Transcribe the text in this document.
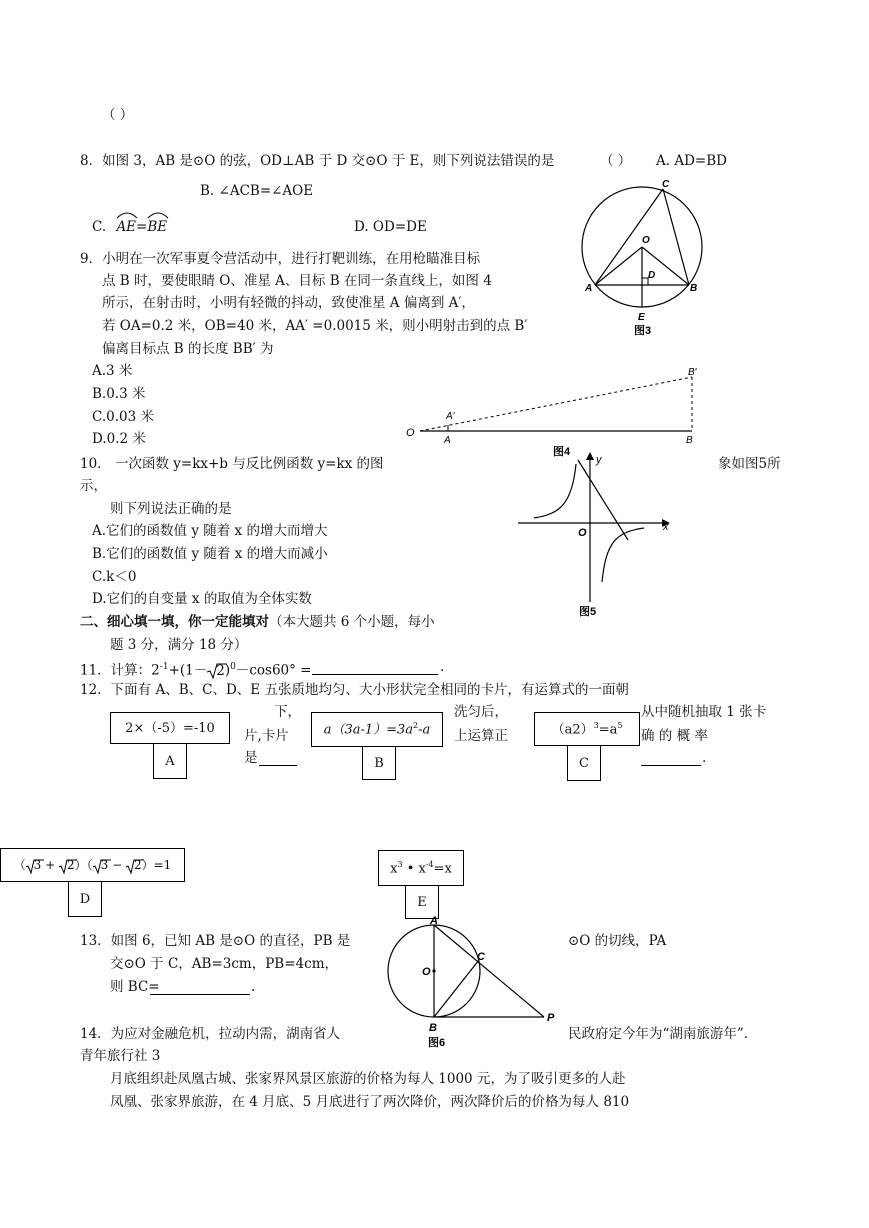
（ ）
8．如图 3，AB 是⊙O 的弦，OD⊥AB 于 D 交⊙O 于 E，则下列说法错误的是	（ ） A. AD=BD
B. ∠ACB=∠AOE
C. AE=
BE	D. OD=DE
C
O
D
A	B
E
图3
9．小明在一次军事夏令营活动中，进行打靶训练，在用枪瞄准目标
点 B 时，要使眼睛 O、准星 A、目标 B 在同一条直线上，如图 4
所示，在射击时，小明有轻微的抖动，致使准星 A 偏离到 A′，
若 OA=0.2 米，OB=40 米，AA′ =0.0015 米，则小明射击到的点 B′
偏离目标点 B 的长度 BB′ 为
A.3 米
B.0.3 米
C.0.03 米
D.0.2 米	O
A
A′
B
B′
图4
10． 一次函数 y=kx+b 与反比例函数 y=kx 的图	象如图5所
示，
则下列说法正确的是
A.它们的函数值 y 随着 x 的增大而增大
B.它们的函数值 y 随着 x 的增大而减小
C.k＜0
D.它们的自变量 x 的取值为全体实数
y
x
O
图5
二、细心填一填，你一定能填对（本大题共 6 个小题，每小
题 3 分，满分 18 分）
11．计算：$2^{-1}+(1- 2)^0-\cos 60^\circ$ =	.
12．下面有 A、B、C、D、E 五张质地均匀、大小形状完全相同的卡片，有运算式的一面朝
下，	洗匀后，	从中随机抽取 1 张卡
片,卡片	上运算正	确 的 概 率
是	.
2×（-5）=-10
A
$a(3a-1)=3a^2-a$
B
$(a2)^3=a^5$
C
（ 3 +
2）（ 3 −
2）=1
D
$x^3$ • $x^{-4}=x$
E
13．如图 6，已知 AB 是⊙O 的直径，PB 是	⊙O 的切线，PA
交⊙O 于 C，AB=3cm，PB=4cm，
则 BC=	.
A
O
C
B
P
图6
14．为应对金融危机，拉动内需，湖南省人	民政府定今年为“湖南旅游年”.
青年旅行社 3
月底组织赴凤凰古城、张家界风景区旅游的价格为每人 1000 元，为了吸引更多的人赴
凤凰、张家界旅游，在 4 月底、5 月底进行了两次降价，两次降价后的价格为每人 810
